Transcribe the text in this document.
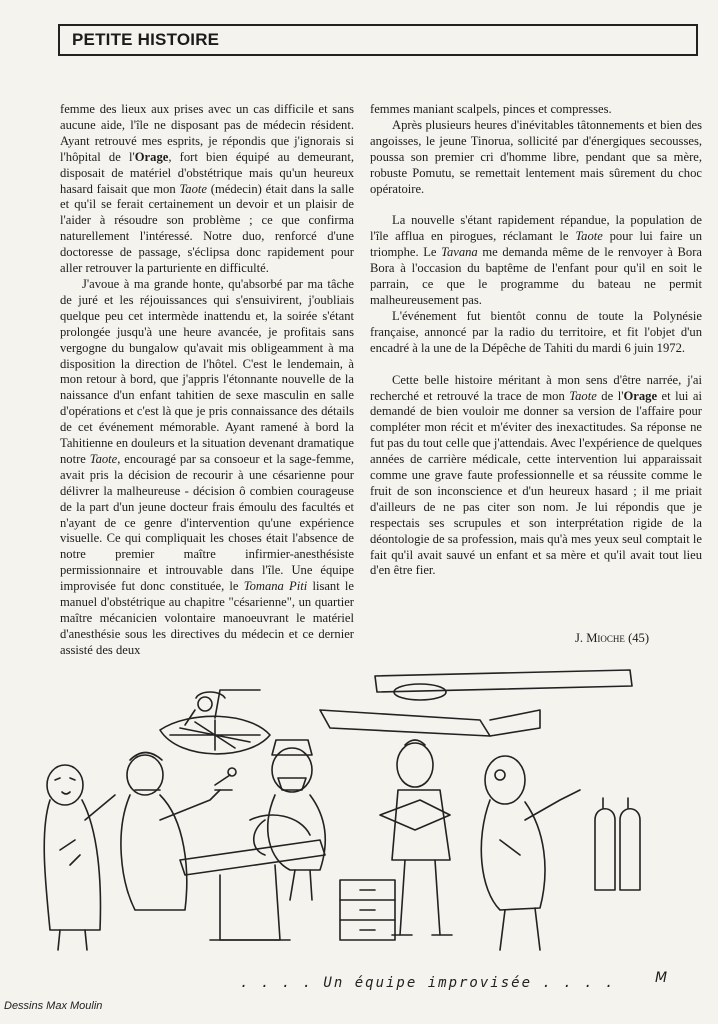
PETITE HISTOIRE

femme des lieux aux prises avec un cas difficile et sans aucune aide, l'île ne disposant pas de médecin résident. Ayant retrouvé mes esprits, je répondis que j'ignorais si l'hôpital de l'Orage, fort bien équipé au demeurant, disposait de matériel d'obstétrique mais qu'un heureux hasard faisait que mon Taote (médecin) était dans la salle et qu'il se ferait certainement un devoir et un plaisir de l'aider à résoudre son problème ; ce que confirma naturellement l'intéressé. Notre duo, renforcé d'une doctoresse de passage, s'éclipsa donc rapidement pour aller retrouver la parturiente en difficulté.

J'avoue à ma grande honte, qu'absorbé par ma tâche de juré et les réjouissances qui s'ensuivirent, j'oubliais quelque peu cet intermède inattendu et, la soirée s'étant prolongée jusqu'à une heure avancée, je profitais sans vergogne du bungalow qu'avait mis obligeamment à ma disposition la direction de l'hôtel. C'est le lendemain, à mon retour à bord, que j'appris l'étonnante nouvelle de la naissance d'un enfant tahitien de sexe masculin en salle d'opérations et c'est là que je pris connaissance des détails de cet événement mémorable. Ayant ramené à bord la Tahitienne en douleurs et la situation devenant dramatique notre Taote, encouragé par sa consoeur et la sage-femme, avait pris la décision de recourir à une césarienne pour délivrer la malheureuse - décision ô combien courageuse de la part d'un jeune docteur frais émoulu des facultés et n'ayant de ce genre d'intervention qu'une expérience visuelle. Ce qui compliquait les choses était l'absence de notre premier maître infirmier-anesthésiste permissionnaire et introuvable dans l'île. Une équipe improvisée fut donc constituée, le Tomana Piti lisant le manuel d'obstétrique au chapitre "césarienne", un quartier maître mécanicien volontaire manoeuvrant le matériel d'anesthésie sous les directives du médecin et ce dernier assisté des deux

femmes maniant scalpels, pinces et compresses.

Après plusieurs heures d'inévitables tâtonnements et bien des angoisses, le jeune Tinorua, sollicité par d'énergiques secousses, poussa son premier cri d'homme libre, pendant que sa mère, robuste Pomutu, se remettait lentement mais sûrement du choc opératoire.

La nouvelle s'étant rapidement répandue, la population de l'île afflua en pirogues, réclamant le Taote pour lui faire un triomphe. Le Tavana me demanda même de le renvoyer à Bora Bora à l'occasion du baptême de l'enfant pour qu'il en soit le parrain, ce que le programme du bateau ne permit malheureusement pas.

L'événement fut bientôt connu de toute la Polynésie française, annoncé par la radio du territoire, et fit l'objet d'un encadré à la une de la Dépêche de Tahiti du mardi 6 juin 1972.

Cette belle histoire méritant à mon sens d'être narrée, j'ai recherché et retrouvé la trace de mon Taote de l'Orage et lui ai demandé de bien vouloir me donner sa version de l'affaire pour compléter mon récit et m'éviter des inexactitudes. Sa réponse ne fut pas du tout celle que j'attendais. Avec l'expérience de quelques années de carrière médicale, cette intervention lui apparaissait comme une grave faute professionnelle et sa réussite comme le fruit de son inconscience et d'un heureux hasard ; il me priait d'ailleurs de ne pas citer son nom. Je lui répondis que je respectais ses scrupules et son interprétation rigide de la déontologie de sa profession, mais qu'à mes yeux seul comptait le fait qu'il avait sauvé un enfant et sa mère et qu'il avait tout lieu d'en être fier.

J. Mioche (45)
. . . . Un équipe improvisée . . . .	M
Dessins Max Moulin
